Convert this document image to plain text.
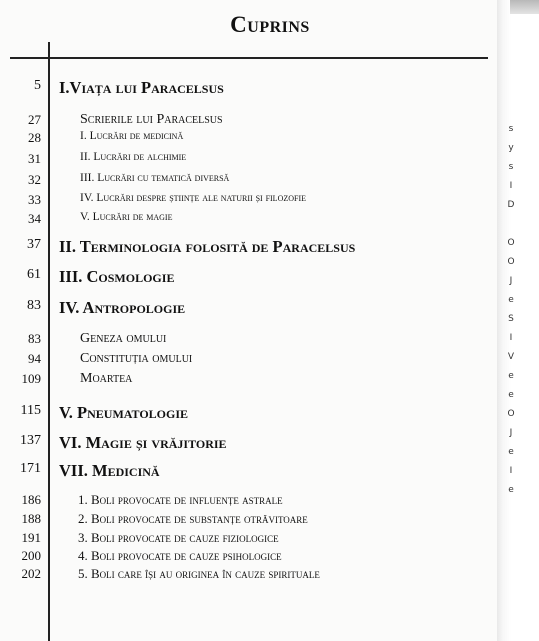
Cuprins
5 I.Viața lui Paracelsus
27	Scrierile lui Paracelsus
28	I. Lucrări de medicină
31	II. Lucrări de alchimie
32	III. Lucrări cu tematică diversă
33	IV. Lucrări despre științe ale naturii și filozofie
34	V. Lucrări de magie
37 II. Terminologia folosită de Paracelsus
61 III. Cosmologie
83 IV. Antropologie
83	Geneza omului
94	Constituția omului
109	Moartea
115 V. Pneumatologie
137 VI. Magie și vrăjitorie
171 VII. Medicină
186	1. Boli provocate de influențe astrale
188	2. Boli provocate de substanțe otrăvitoare
191	3. Boli provocate de cauze fiziologice
200	4. Boli provocate de cauze psihologice
202	5. Boli care își au originea în cauze spirituale
s
y
s
I
D

O
O
J
e
S
I
V
e
e
O
J
e
I
e
